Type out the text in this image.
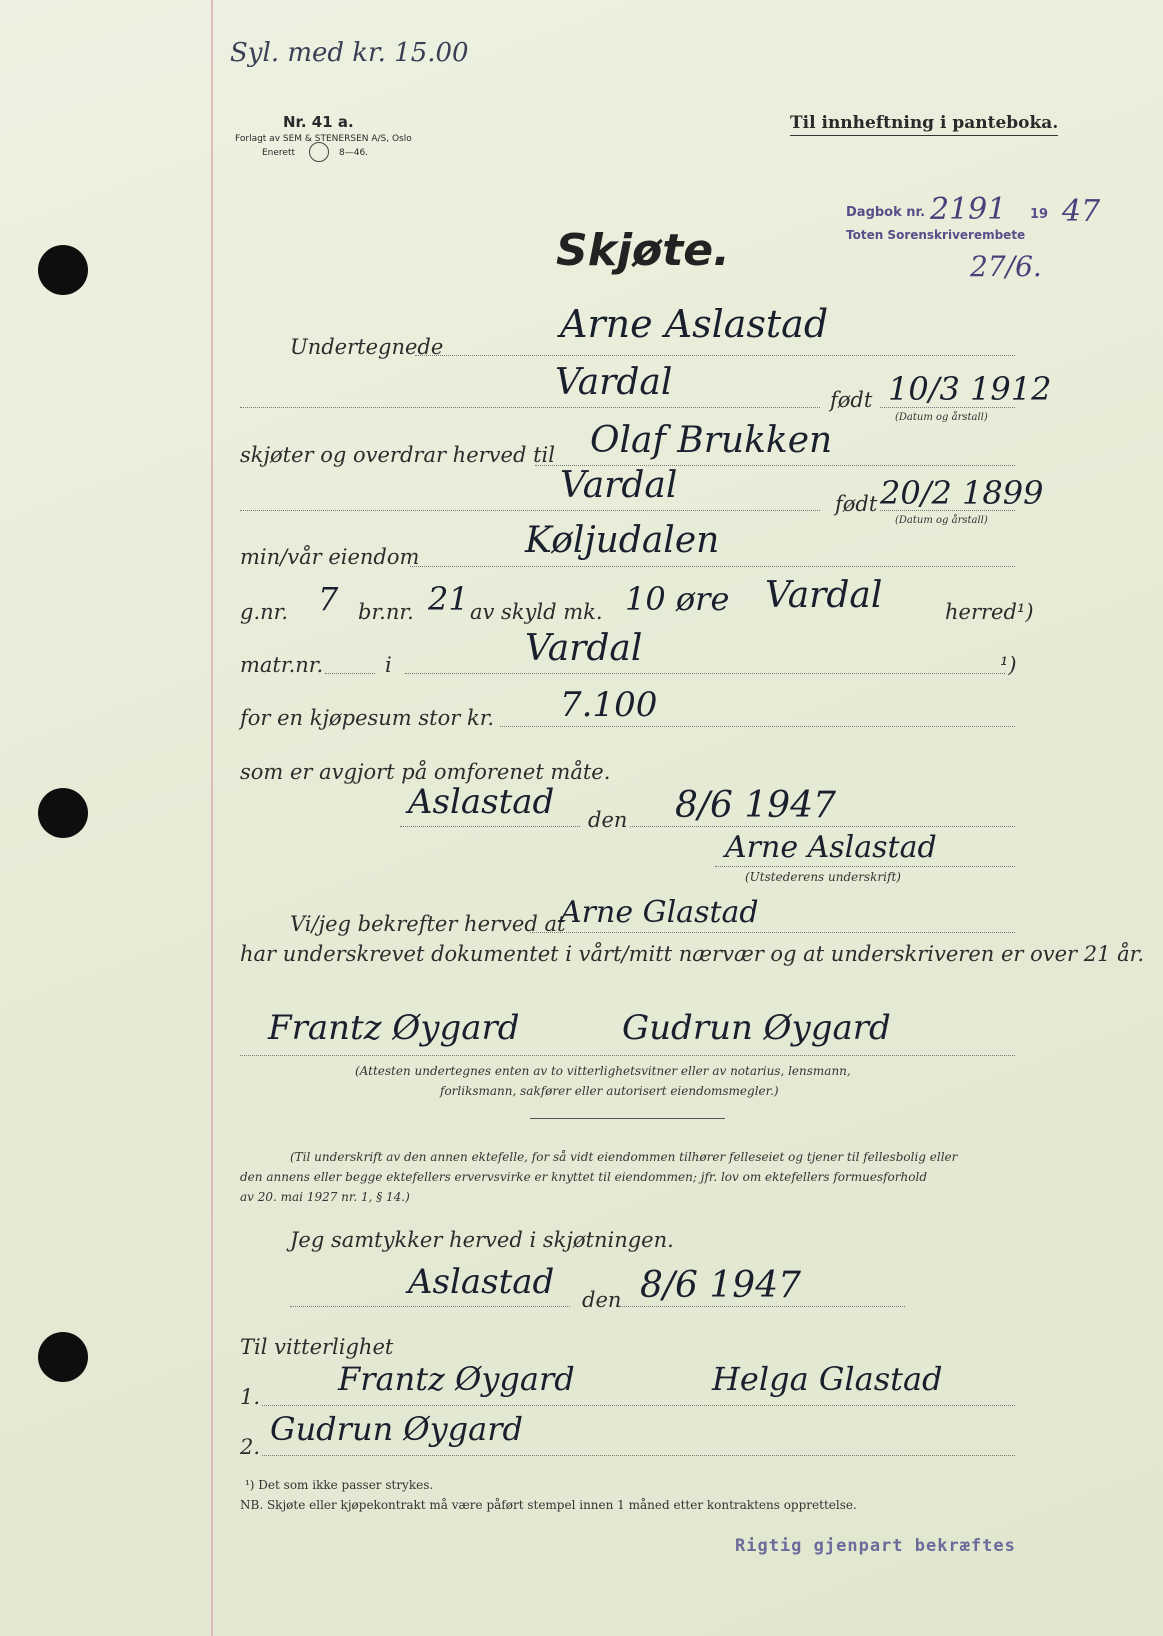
Syl. med kr. 15.00
Nr. 41 a.
Forlagt av SEM & STENERSEN A/S, Oslo
Enerett	8—46.
Til innheftning i panteboka.
Dagbok nr. 2191 19 47
Toten Sorenskriverembete
27/6.
Skjøte.
Undertegnede
Arne Aslastad
Vardal	født 10/3 1912
(Datum og årstall)
skjøter og overdrar herved til Olaf Brukken
Vardal	født 20/2 1899
(Datum og årstall)
min/vår eiendom	Køljudalen
g.nr. 7 br.nr. 21 av skyld mk. 10 øre Vardal	herred¹)
matr.nr.	i	Vardal	¹)
for en kjøpesum stor kr. 7.100
som er avgjort på omforenet måte.
Aslastad den 8/6 1947
Arne Aslastad
(Utstederens underskrift)
Vi/jeg bekrefter herved at
Arne Glastad
har underskrevet dokumentet i vårt/mitt nærvær og at underskriveren er over 21 år.
Frantz Øygard	Gudrun Øygard
(Attesten undertegnes enten av to vitterlighetsvitner eller av notarius, lensmann,
forliksmann, sakfører eller autorisert eiendomsmegler.)
(Til underskrift av den annen ektefelle, for så vidt eiendommen tilhører felleseiet og tjener til fellesbolig eller
den annens eller begge ektefellers ervervsvirke er knyttet til eiendommen; jfr. lov om ektefellers formuesforhold
av 20. mai 1927 nr. 1, § 14.)
Jeg samtykker herved i skjøtningen.
Aslastad den 8/6 1947
Til vitterlighet
1. Frantz Øygard	Helga Glastad
2. Gudrun Øygard
¹) Det som ikke passer strykes.
NB. Skjøte eller kjøpekontrakt må være påført stempel innen 1 måned etter kontraktens opprettelse.
Rigtig gjenpart bekræftes
